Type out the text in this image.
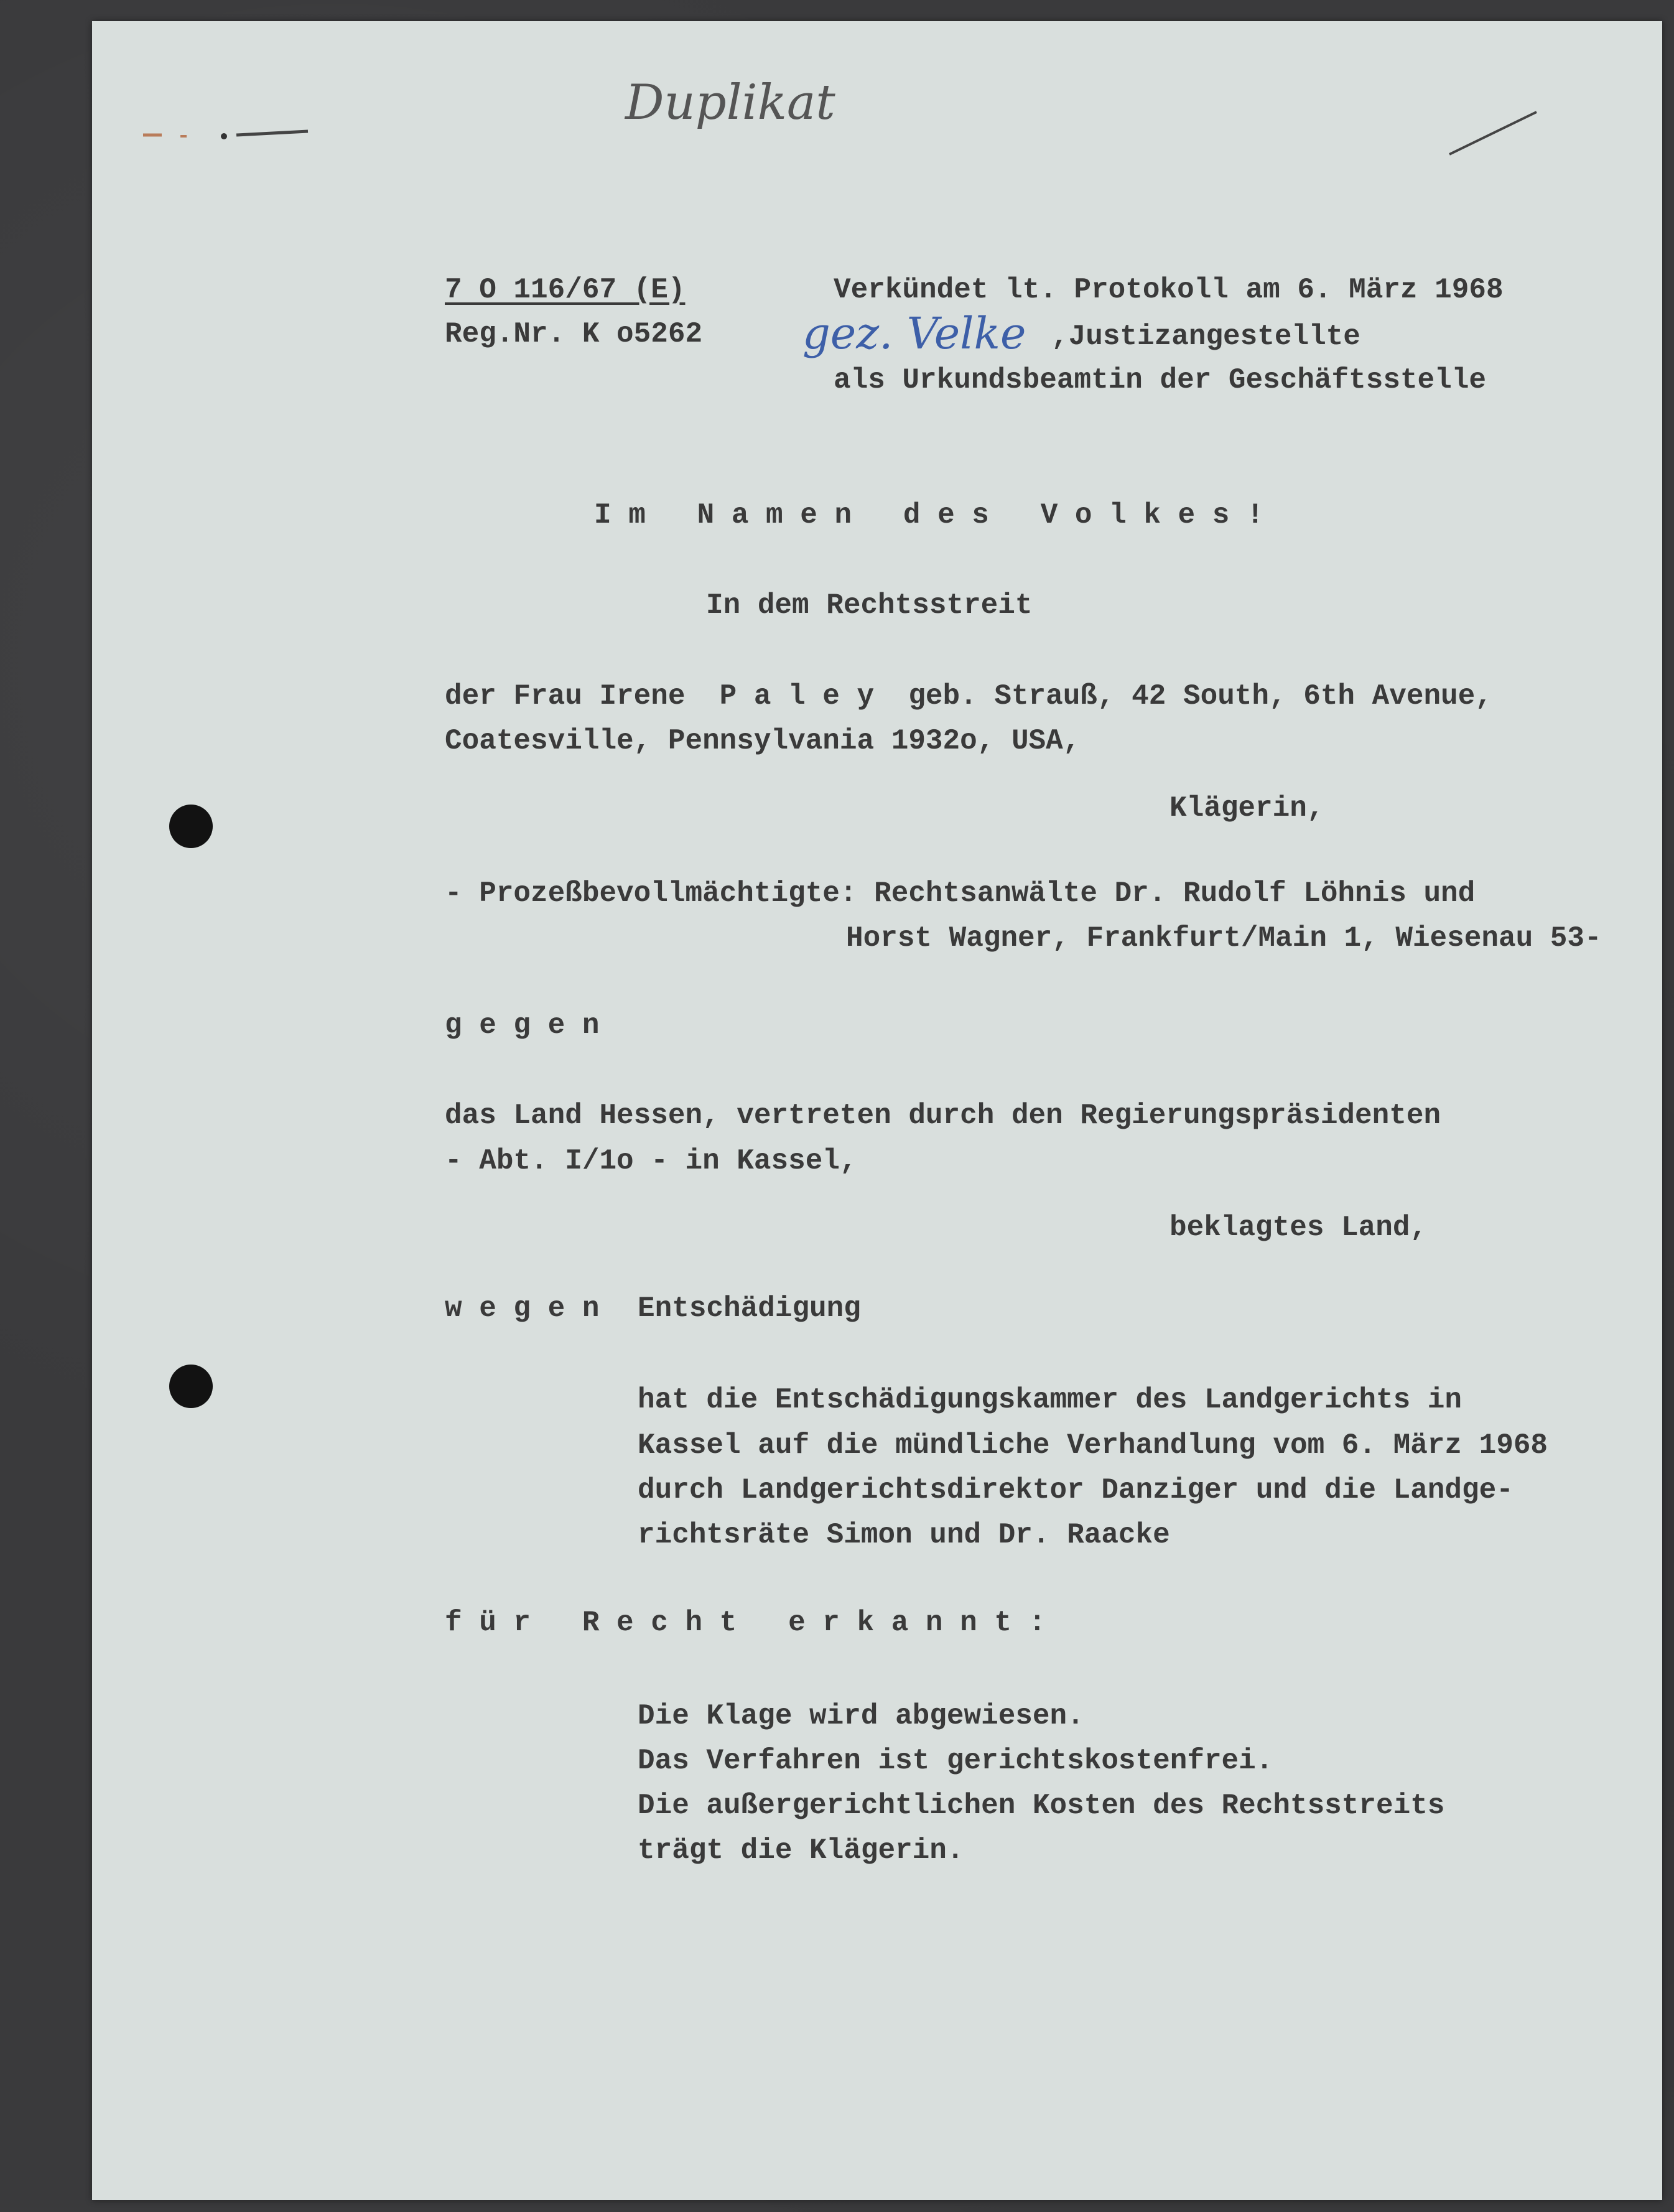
Duplikat

7 O 116/67 (E)

Reg.Nr. K o5262

Verkündet lt. Protokoll am 6. März 1968

gez. Velke ,Justizangestellte

als Urkundsbeamtin der Geschäftsstelle

I m   N a m e n   d e s   V o l k e s !

In dem Rechtsstreit

der Frau Irene  P a l e y  geb. Strauß, 42 South, 6th Avenue,

Coatesville, Pennsylvania 1932o, USA,

Klägerin,

- Prozeßbevollmächtigte: Rechtsanwälte Dr. Rudolf Löhnis und

Horst Wagner, Frankfurt/Main 1, Wiesenau 53-

g e g e n

das Land Hessen, vertreten durch den Regierungspräsidenten

- Abt. I/1o - in Kassel,

beklagtes Land,

w e g e n Entschädigung

hat die Entschädigungskammer des Landgerichts in

Kassel auf die mündliche Verhandlung vom 6. März 1968

durch Landgerichtsdirektor Danziger und die Landge-

richtsräte Simon und Dr. Raacke

f ü r   R e c h t   e r k a n n t :

Die Klage wird abgewiesen.

Das Verfahren ist gerichtskostenfrei.

Die außergerichtlichen Kosten des Rechtsstreits

trägt die Klägerin.
